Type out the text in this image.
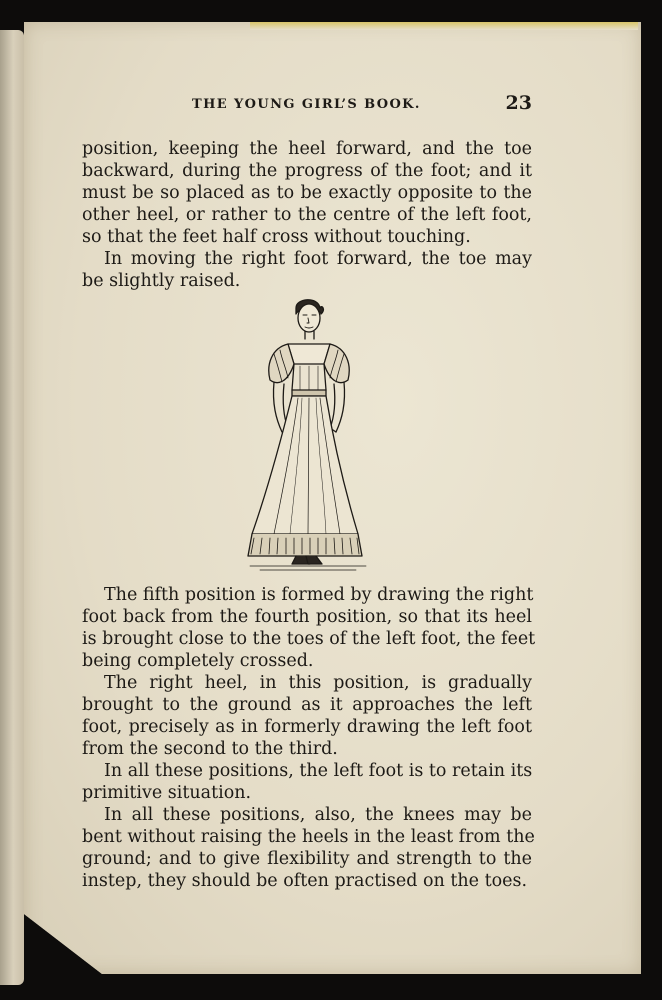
THE YOUNG GIRL’S BOOK.	23

position, keeping the heel forward, and the toe
backward, during the progress of the foot; and it
must be so placed as to be exactly opposite to the
other heel, or rather to the centre of the left foot,
so that the feet half cross without touching.

In moving the right foot forward, the toe may
be slightly raised.

The fifth position is formed by drawing the right
foot back from the fourth position, so that its heel
is brought close to the toes of the left foot, the feet
being completely crossed.

The right heel, in this position, is gradually
brought to the ground as it approaches the left
foot, precisely as in formerly drawing the left foot
from the second to the third.

In all these positions, the left foot is to retain its
primitive situation.

In all these positions, also, the knees may be
bent without raising the heels in the least from the
ground; and to give flexibility and strength to the
instep, they should be often practised on the toes.
